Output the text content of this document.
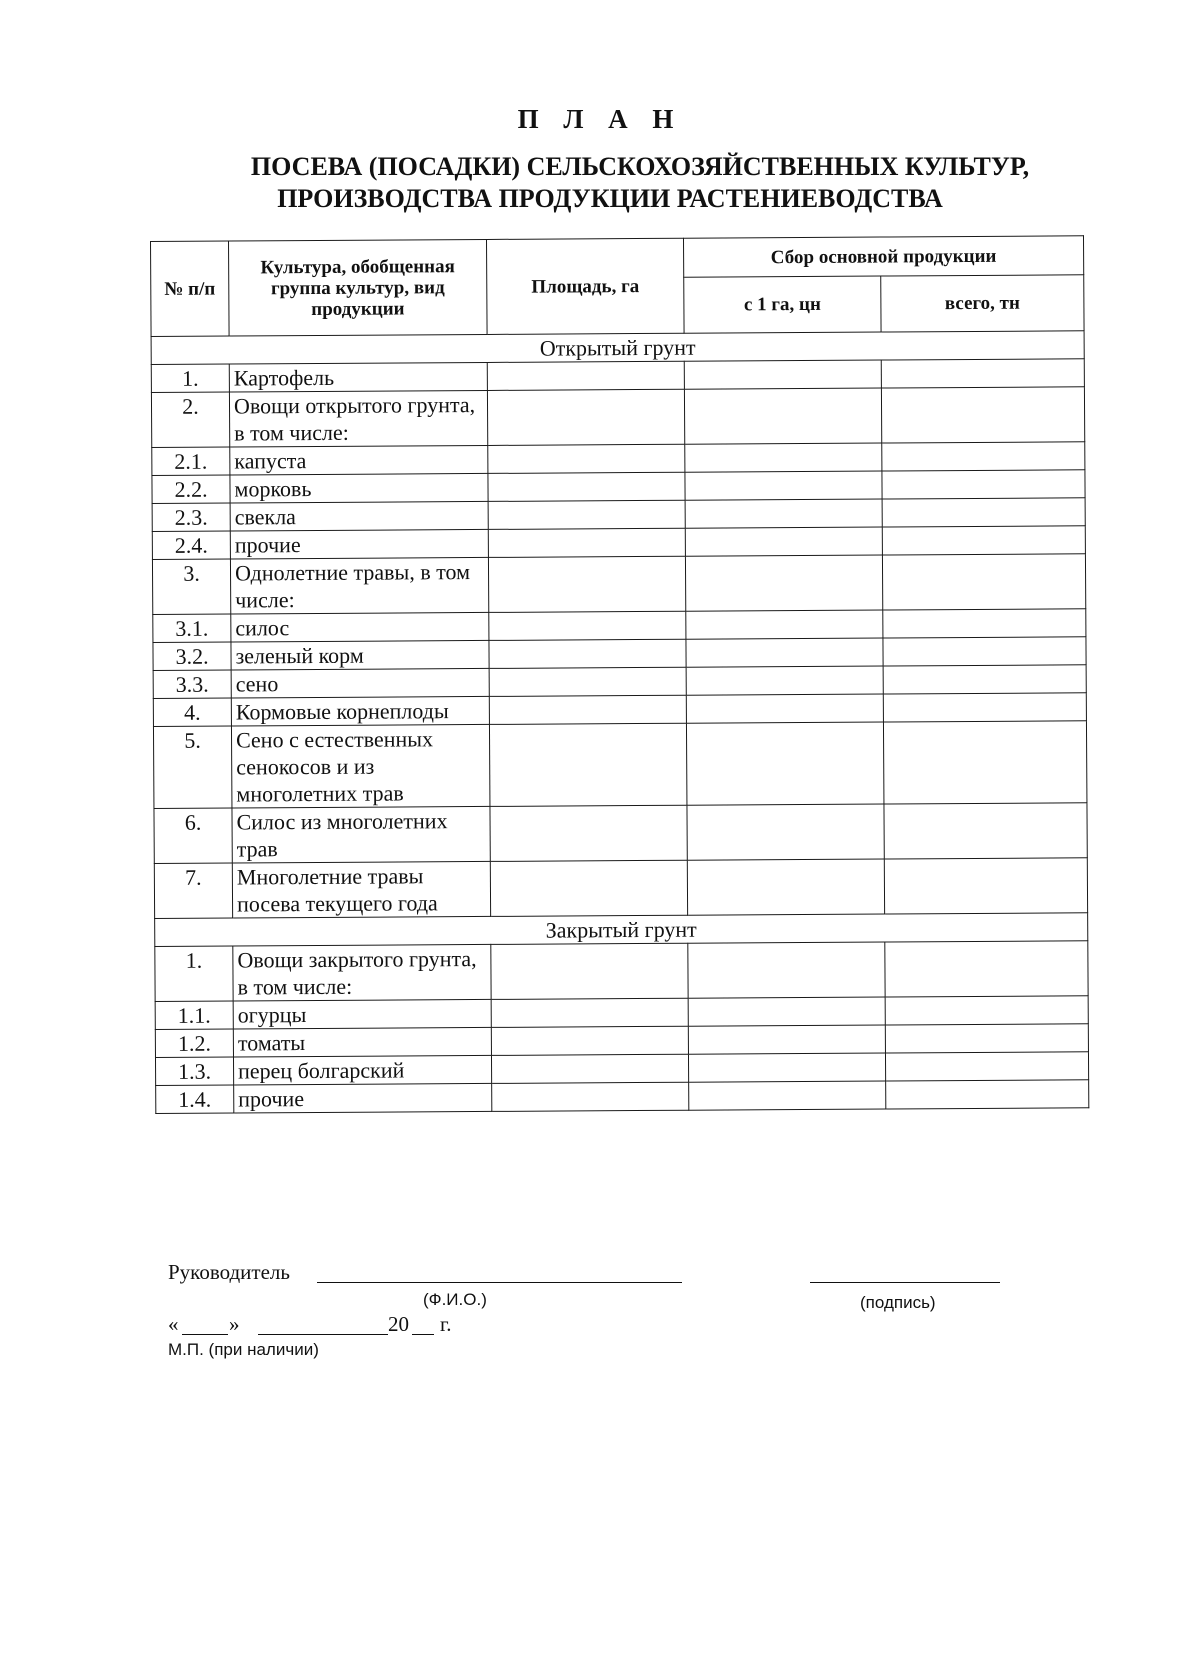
П Л А Н
ПОСЕВА (ПОСАДКИ) СЕЛЬСКОХОЗЯЙСТВЕННЫХ КУЛЬТУР,
ПРОИЗВОДСТВА ПРОДУКЦИИ РАСТЕНИЕВОДСТВА
№ п/п	Культура, обобщенная группа культур, вид продукции	Площадь, га	Сбор основной продукции	
			с 1 га, цн	всего, тн
Открытый грунт				
1.	Картофель			
2.	Овощи открытого грунта, в том числе:			
2.1.	капуста			
2.2.	морковь			
2.3.	свекла			
2.4.	прочие			
3.	Однолетние травы, в том числе:			
3.1.	силос			
3.2.	зеленый корм			
3.3.	сено			
4.	Кормовые корнеплоды			
5.	Сено с естественных сенокосов и из многолетних трав			
6.	Силос из многолетних трав			
7.	Многолетние травы посева текущего года			
Закрытый грунт				
1.	Овощи закрытого грунта, в том числе:			
1.1.	огурцы			
1.2.	томаты			
1.3.	перец болгарский			
1.4.	прочие			
Руководитель
(Ф.И.О.)	(подпись)
« »	20 г.
М.П. (при наличии)
